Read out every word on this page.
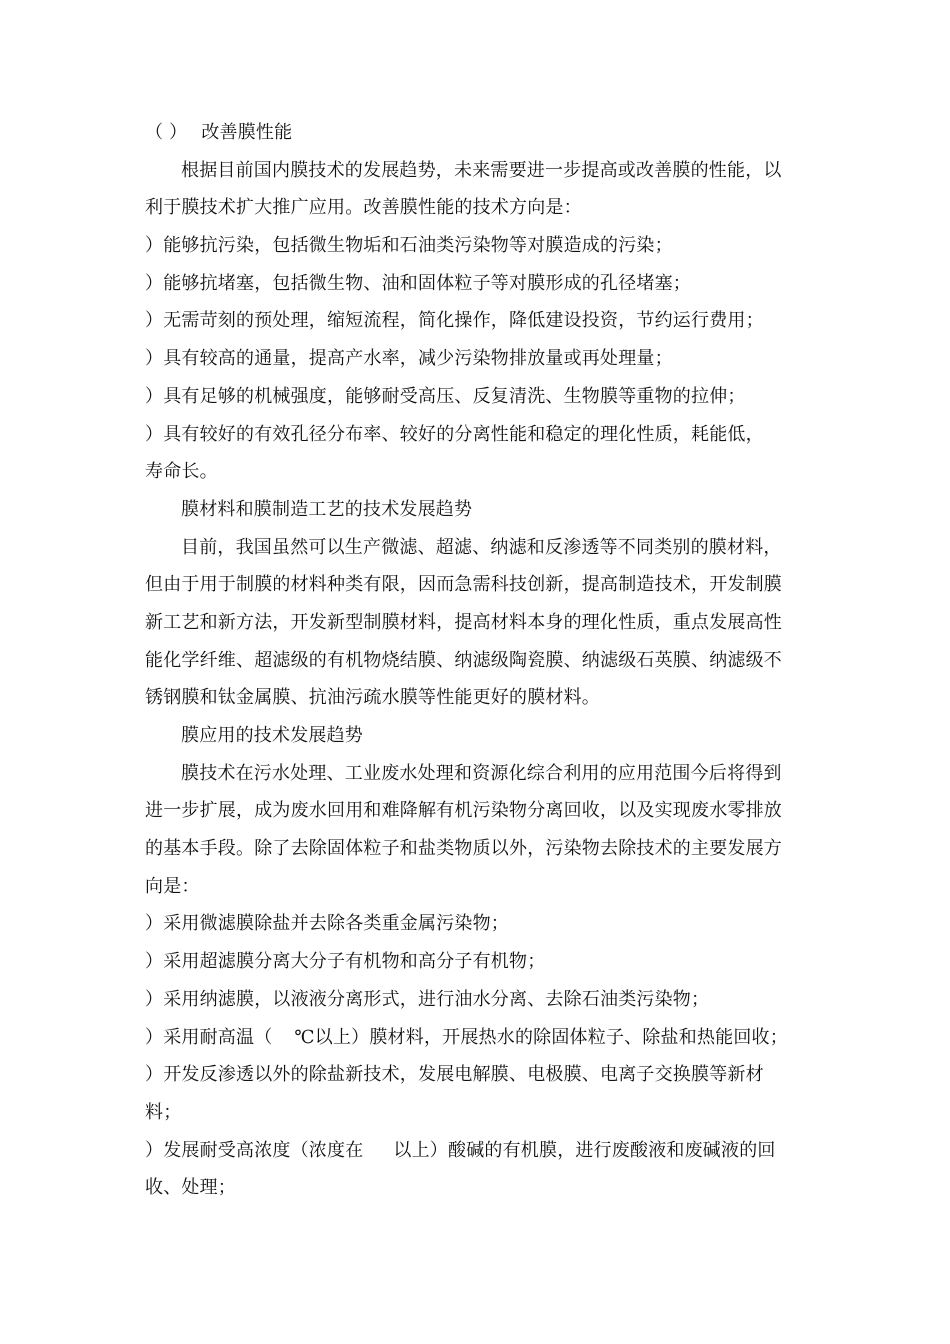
（ ） 改善膜性能
根据目前国内膜技术的发展趋势，未来需要进一步提高或改善膜的性能，以
利于膜技术扩大推广应用。改善膜性能的技术方向是：
）能够抗污染，包括微生物垢和石油类污染物等对膜造成的污染；
）能够抗堵塞，包括微生物、油和固体粒子等对膜形成的孔径堵塞；
）无需苛刻的预处理，缩短流程，简化操作，降低建设投资，节约运行费用；
）具有较高的通量，提高产水率，减少污染物排放量或再处理量；
）具有足够的机械强度，能够耐受高压、反复清洗、生物膜等重物的拉伸；
）具有较好的有效孔径分布率、较好的分离性能和稳定的理化性质，耗能低，
寿命长。
膜材料和膜制造工艺的技术发展趋势
目前，我国虽然可以生产微滤、超滤、纳滤和反渗透等不同类别的膜材料，
但由于用于制膜的材料种类有限，因而急需科技创新，提高制造技术，开发制膜
新工艺和新方法，开发新型制膜材料，提高材料本身的理化性质，重点发展高性
能化学纤维、超滤级的有机物烧结膜、纳滤级陶瓷膜、纳滤级石英膜、纳滤级不
锈钢膜和钛金属膜、抗油污疏水膜等性能更好的膜材料。
膜应用的技术发展趋势
膜技术在污水处理、工业废水处理和资源化综合利用的应用范围今后将得到
进一步扩展，成为废水回用和难降解有机污染物分离回收，以及实现废水零排放
的基本手段。除了去除固体粒子和盐类物质以外，污染物去除技术的主要发展方
向是：
）采用微滤膜除盐并去除各类重金属污染物；
）采用超滤膜分离大分子有机物和高分子有机物；
）采用纳滤膜，以液液分离形式，进行油水分离、去除石油类污染物；
）采用耐高温（ ℃以上）膜材料，开展热水的除固体粒子、除盐和热能回收；
）开发反渗透以外的除盐新技术，发展电解膜、电极膜、电离子交换膜等新材
料；
）发展耐受高浓度（浓度在 以上）酸碱的有机膜，进行废酸液和废碱液的回
收、处理；
